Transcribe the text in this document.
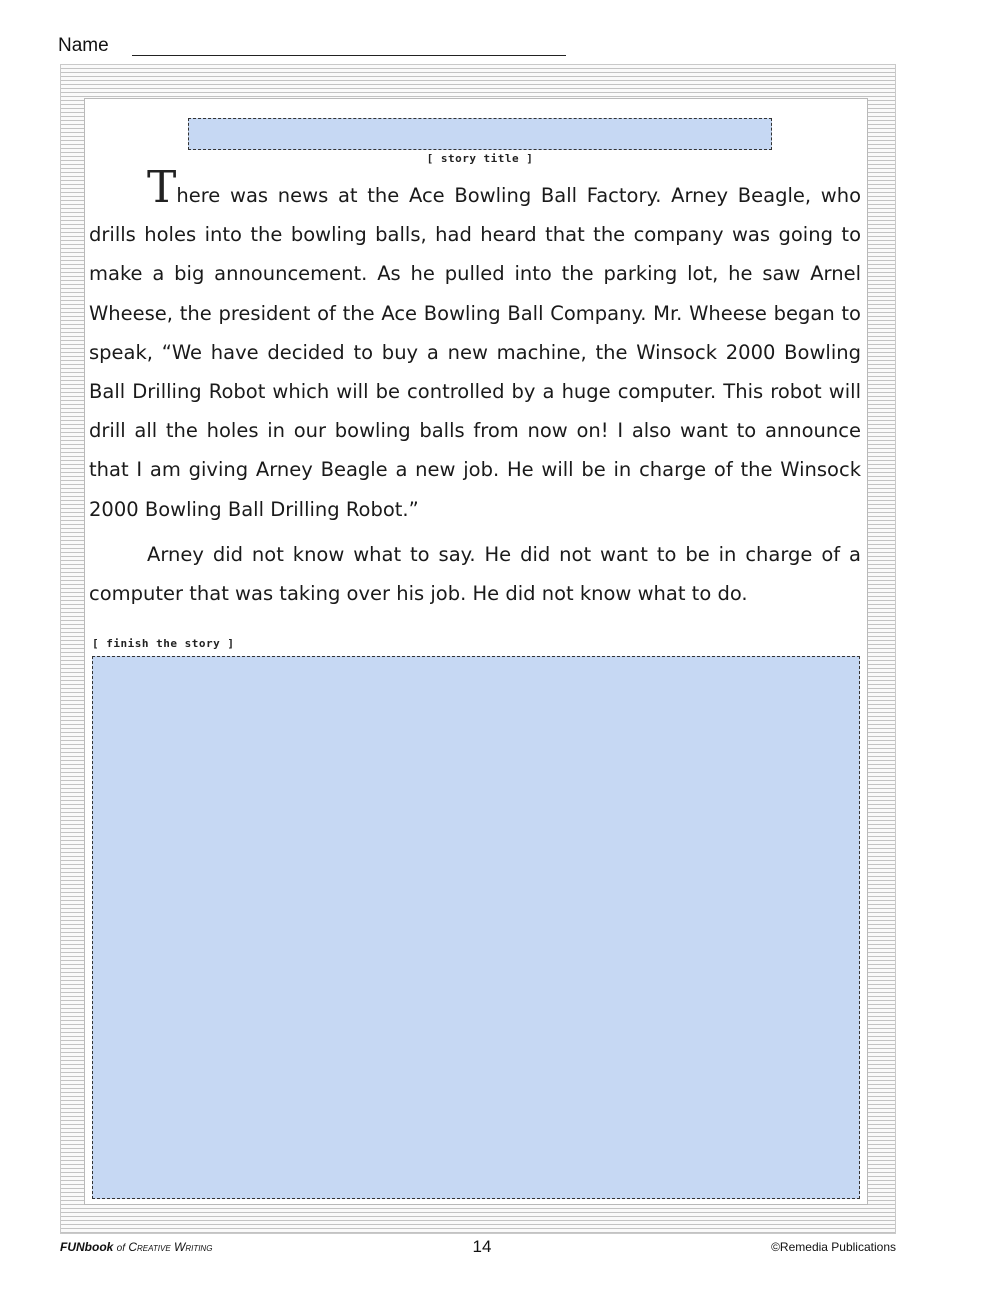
Name
[ story title ]

There was news at the Ace Bowling Ball Factory. Arney Beagle, who drills holes into the bowling balls, had heard that the company was going to make a big announcement. As he pulled into the parking lot, he saw Arnel Wheese, the president of the Ace Bowling Ball Company. Mr. Wheese began to speak, “We have decided to buy a new machine, the Winsock 2000 Bowling Ball Drilling Robot which will be controlled by a huge computer. This robot will drill all the holes in our bowling balls from now on! I also want to announce that I am giving Arney Beagle a new job. He will be in charge of the Winsock 2000 Bowling Ball Drilling Robot.”

Arney did not know what to say. He did not want to be in charge of a computer that was taking over his job. He did not know what to do.

[ finish the story ]
FUNbook of Creative Writing	14	©Remedia Publications
